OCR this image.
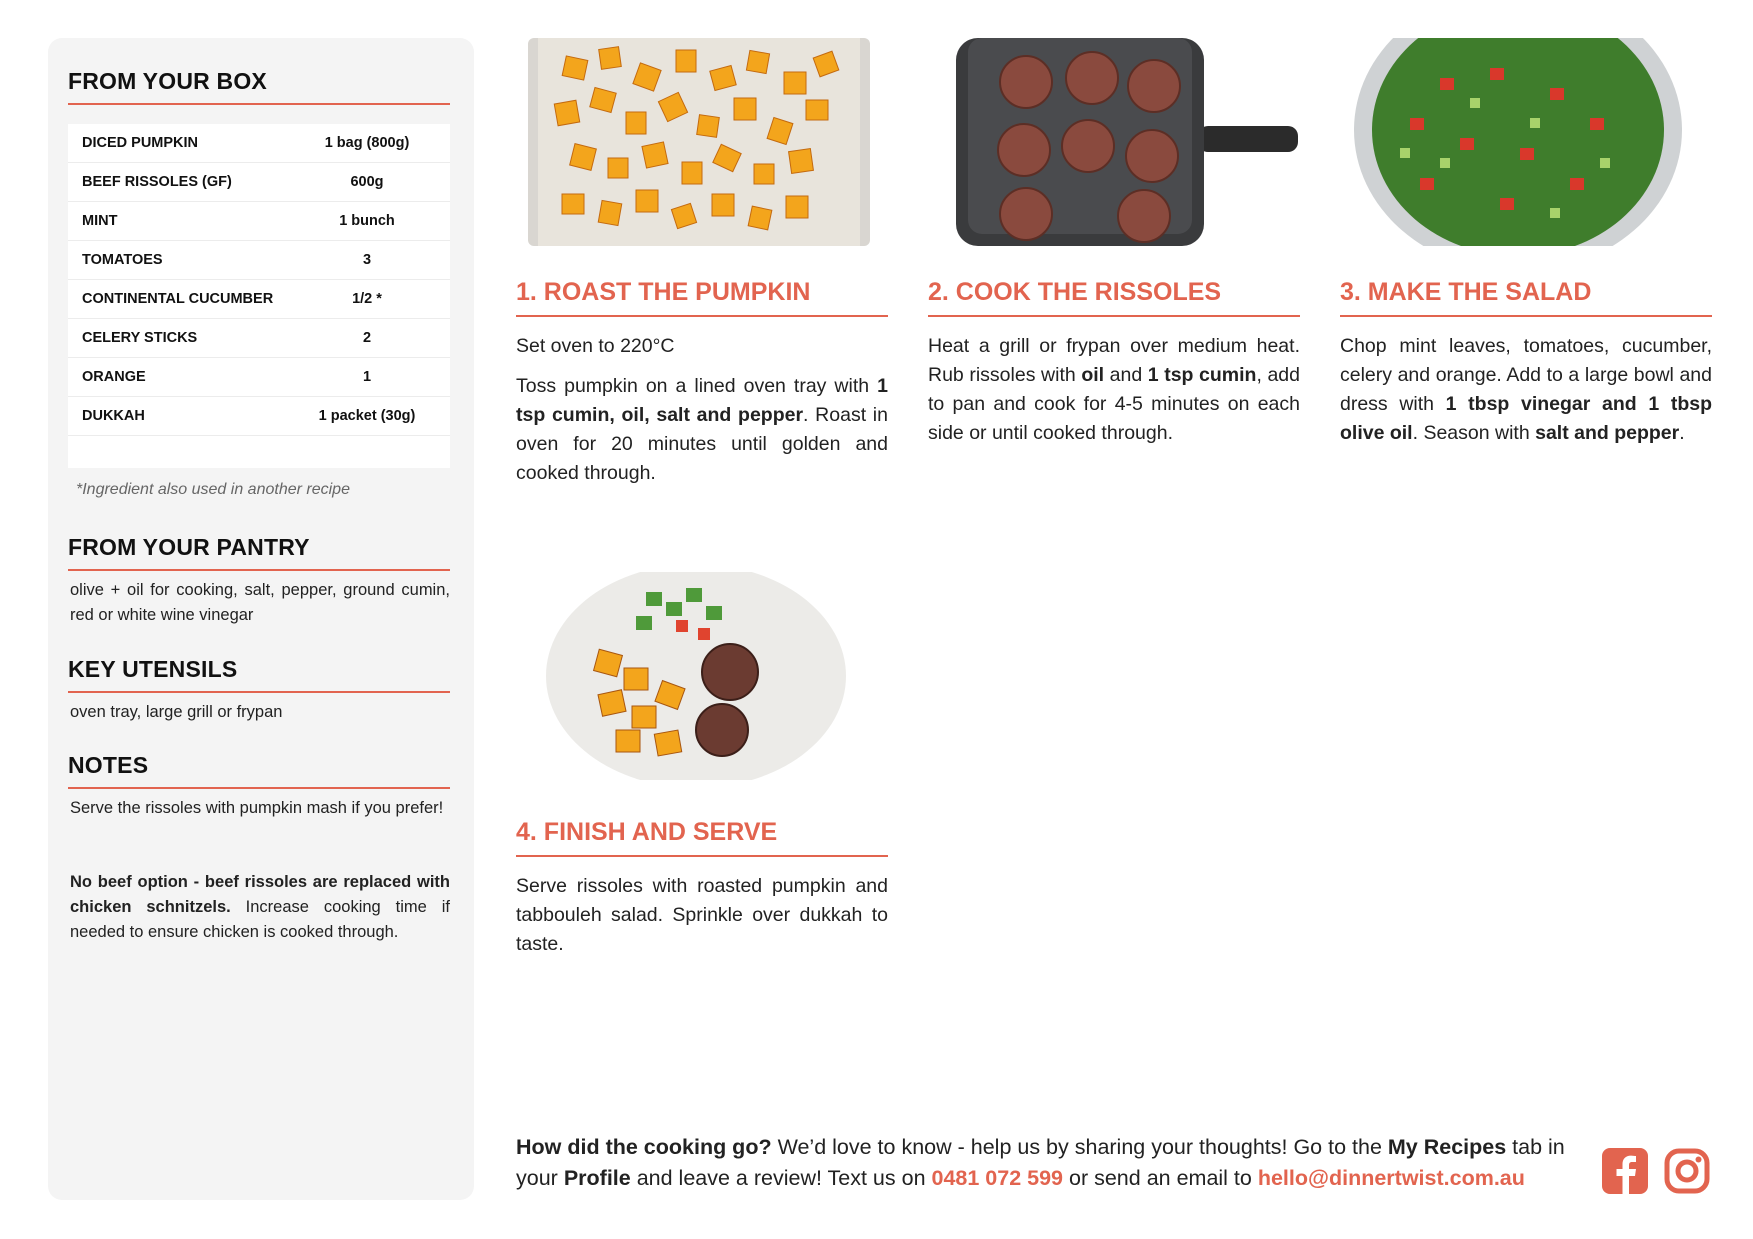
FROM YOUR BOX
DICED PUMPKIN	1 bag (800g)
BEEF RISSOLES (GF)	600g
MINT	1 bunch
TOMATOES	3
CONTINENTAL CUCUMBER	1/2 *
CELERY STICKS	2
ORANGE	1
DUKKAH	1 packet (30g)
*Ingredient also used in another recipe
FROM YOUR PANTRY

olive + oil for cooking, salt, pepper, ground cumin, red or white wine vinegar

KEY UTENSILS

oven tray, large grill or frypan

NOTES

Serve the rissoles with pumpkin mash if you prefer!

No beef option - beef rissoles are replaced with chicken schnitzels. Increase cooking time if needed to ensure chicken is cooked through.

1. ROAST THE PUMPKIN

Set oven to 220°C

Toss pumpkin on a lined oven tray with 1 tsp cumin, oil, salt and pepper. Roast in oven for 20 minutes until golden and cooked through.

2. COOK THE RISSOLES

Heat a grill or frypan over medium heat. Rub rissoles with oil and 1 tsp cumin, add to pan and cook for 4-5 minutes on each side or until cooked through.

3. MAKE THE SALAD

Chop mint leaves, tomatoes, cucumber, celery and orange. Add to a large bowl and dress with 1 tbsp vinegar and 1 tbsp olive oil. Season with salt and pepper.

4. FINISH AND SERVE

Serve rissoles with roasted pumpkin and tabbouleh salad. Sprinkle over dukkah to taste.

How did the cooking go? We’d love to know - help us by sharing your thoughts! Go to the My Recipes tab in your Profile and leave a review! Text us on 0481 072 599 or send an email to hello@dinnertwist.com.au
